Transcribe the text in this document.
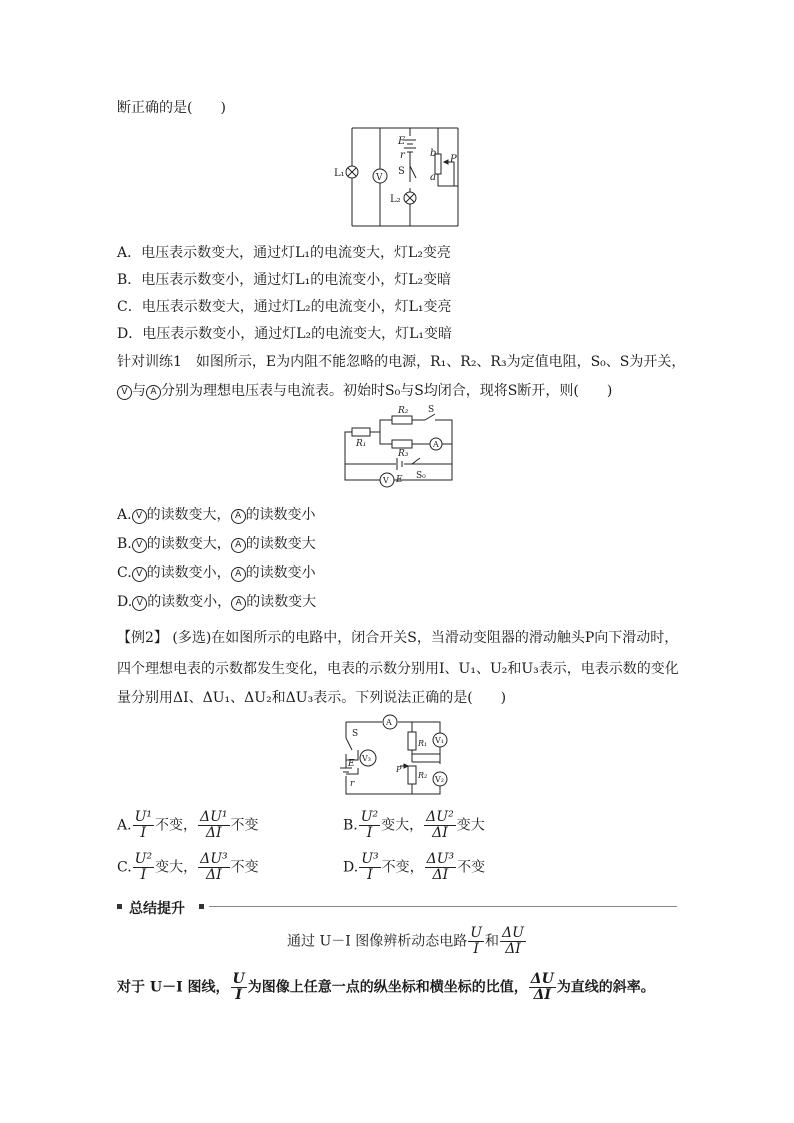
断正确的是(　　)
V
E
r
S
L₁
L₂
b
a
P
A．电压表示数变大，通过灯L₁的电流变大，灯L₂变亮
B．电压表示数变小，通过灯L₁的电流变小，灯L₂变暗
C．电压表示数变大，通过灯L₂的电流变小，灯L₁变亮
D．电压表示数变小，通过灯L₂的电流变大，灯L₁变暗
针对训练1　如图所示，E为内阻不能忽略的电源，R₁、R₂、R₃为定值电阻，S₀、S为开关，
V 与 A 分别为理想电压表与电流表。初始时S₀与S均闭合，现将S断开，则(　　)
A
V
R₁
R₂
R₃
S
E S₀
A. V 的读数变大， A 的读数变小
B. V 的读数变大， A 的读数变大
C. V 的读数变小， A 的读数变小
D. V 的读数变小， A 的读数变大
【例2】 (多选)在如图所示的电路中，闭合开关S，当滑动变阻器的滑动触头P向下滑动时，
四个理想电表的示数都发生变化，电表的示数分别用I、U₁、U₂和U₃表示，电表示数的变化
量分别用ΔI、ΔU₁、ΔU₂和ΔU₃表示。下列说法正确的是(　　)
A
V₃
V₁
V₂
S
E
r
R₁
R₂
P
A. $\frac{\text{U¹}}{I}$ 不变， $\frac{\text{ΔU¹}}{\Delta I}$ 不变	B. $\frac{\text{U²}}{I}$ 变大， $\frac{\text{ΔU²}}{\Delta I}$ 变大
C. $\frac{\text{U²}}{I}$ 变大， $\frac{\text{ΔU³}}{\Delta I}$ 不变	D. $\frac{\text{U³}}{I}$ 不变， $\frac{\text{ΔU³}}{\Delta I}$ 不变
总结提升
通过 U－I 图像辨析动态电路 $\frac{U}{I}$ 和 $\frac{\Delta U}{\Delta I}$
对于 U－I 图线， $\frac{U}{I}$ 为图像上任意一点的纵坐标和横坐标的比值， $\frac{\Delta U}{\Delta I}$ 为直线的斜率。
